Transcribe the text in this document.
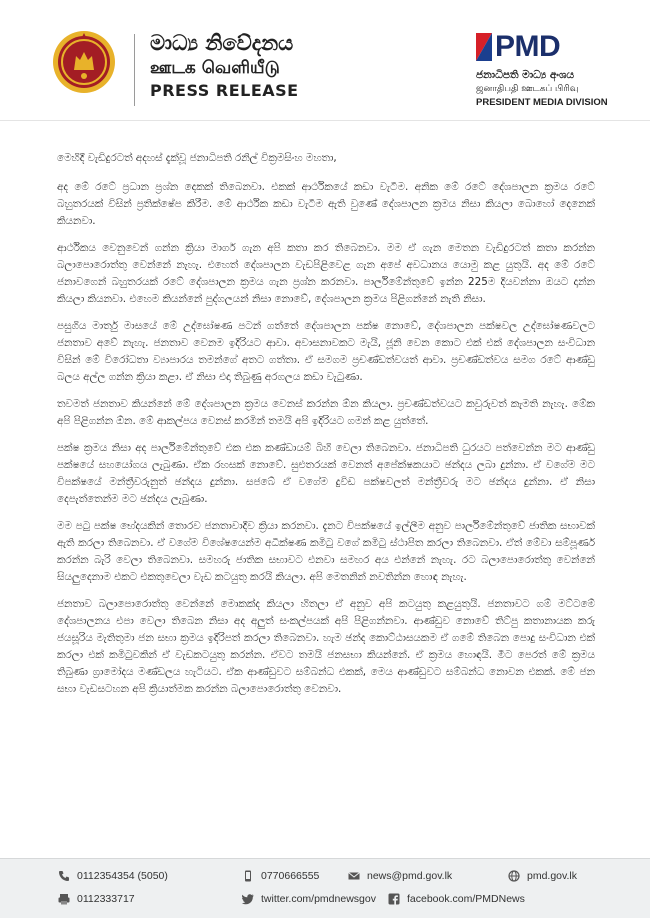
මාධ්‍ය නිවේදනය
ஊடக வெளியீடு
PRESS RELEASE
PMD
ජනාධිපති මාධ්‍ය අංශය
ஜனாதிபதி ஊடகப் பிரிவு
PRESIDENT MEDIA DIVISION

මෙහිදී වැඩිදුරටත් අදහස් දැක්වූ ජනාධිපති රනිල් වික්‍රමසිංහ මහතා,

අද මේ රටේ ප්‍රධාන ප්‍රශ්න දෙකක් තිබෙනවා. එකක් ආර්ථිකයේ කඩා වැටීම. අනික මේ රටේ දේශපාලන ක්‍රමය රටේ බහුතරයක් විසින් ප්‍රතික්ෂේප කිරීම. මේ ආර්ථික කඩා වැටීම ඇති වුණේ දේශපාලන ක්‍රමය නිසා කියලා බොහෝ දෙනෙක් කියනවා.

ආර්ථිකය වෙනුවෙන් ගන්න ක්‍රියා මාර්ග ගැන අපි කතා කර තිබෙනවා. මම ඒ ගැන මෙතන වැඩිදුරටත් කතා කරන්න බලාපොරොත්තු වෙන්නේ නැහැ. එහෙත් දේශපාලන වැඩපිළිවෙළ ගැන අපේ අවධානය යොමු කළ යුතුයි. අද මේ රටේ ජනාවගෙන් බහුතරයක් රටේ දේශපාලන ක්‍රමය ගැන ප්‍රශ්න කරනවා. පාර්ලිමේන්තුවේ ඉන්න 225ම දියවන්නා ඔයට දාන්න කියලා කියනවා. එහෙම කියන්නේ පුද්ගලයන් නිසා නොවේ, දේශපාලන ක්‍රමය පිළිගන්නේ නැති නිසා.

පසුගිය මාර්තු මාසයේ මේ උද්ඝෝෂණ පටන් ගත්තේ දේශපාලන පක්ෂ නොවේ, දේශපාලන පක්ෂවල උද්ඝෝෂණවලට ජනතාව අවේ නැහැ. ජනතාව වෙනම ඉදිරියට ආවා. අවාසනාවකට මැයි, ජූනි වෙන කොට එක් එක් දේශපාලන සංවිධාන විසින් මේ විරෝධතා ව්‍යාපාරය තමන්ගේ අතට ගත්තා. ඒ සමගම ප්‍රචණ්ඩත්වයත් ආවා. ප්‍රචණ්ඩත්වය සමග රටේ ආණ්ඩු බලය අල්ල ගන්න ක්‍රියා කළා. ඒ නිසා එදා තිබුණු අරගලය කඩා වැටුණා.

තවමත් ජනතාව කියන්නේ මේ දේශපාලන ක්‍රමය වෙනස් කරන්න ඕන කියලා. ප්‍රචණ්ඩත්වයට කවුරුවත් කැමති නැහැ. මේක අපි පිළිගන්න ඕන. මේ ආකල්පය වෙනස් කරමින් තමයි අපි ඉදිරියට ගමන් කළ යුත්තේ.

පක්ෂ ක්‍රමය නිසා අද පාර්ලිමේන්තුවේ එක එක කණ්ඩායම් බිහි වෙලා තිබෙනවා. ජනාධිපති ධුරයට පත්වෙන්න මට ආණ්ඩු පක්ෂයේ සහයෝගය ලැබුණා. ඒක රහසක් නොවේ. සුළුතරයක් වෙනත් අපේක්ෂකයාට ඡන්දය ලබා දුන්නා. ඒ වගේම මට විපක්ෂයේ මන්ත්‍රීවරුනුත් ඡන්දය දුන්නා. සජබේ ඒ වගේම දුවිඩ පක්ෂවලත් මන්ත්‍රීවරු මට ඡන්දය දුන්නා. ඒ නිසා දෙපැත්තෙන්ම මට ඡන්දය ලැබුණා.

මම පටු පක්ෂ භේදයකින් තොරව ජනතාවාදීව ක්‍රියා කරනවා. දැනට විපක්ෂයේ ඉල්ලීම අනුව පාර්ලිමේන්තුවේ ජාතික සභාවක් ඇති කරලා තිබෙනවා. ඒ වගේම විශේෂයෙන්ම අධීක්ෂණ කමිටු වගේ කමිටු ස්ථාපිත කරලා තිබෙනවා. ඒත් මේවා සම්පූර්ණ කරන්න බැරි වෙලා තිබෙනවා. සමහරු ජාතික සභාවට එනවා සමහර අය එන්නේ නැහැ. රට බලාපොරොත්තු වෙන්නේ සියලුදෙනාම එකට එකතුවෙලා වැඩ කටයුතු කරයි කියලා. අපි මෙතනින් නවතින්න හොඳ නැහැ.

ජනතාව බලාපොරොත්තු වෙන්නේ මොකක්ද කියලා හිතලා ඒ අනුව අපි කටයුතු කළයුතුයි. ජනතාවට ගම් මට්ටමේ දේශපාලනය එපා වෙලා තිබෙන නිසා අද අලුත් සංකල්පයක් අපි පිළිගන්නවා. ආණ්ඩුව නොවේ තිට්පු කතානායක කරු ජයසූරිය මැතිතුමා ජන සභා ක්‍රමය ඉදිරිපත් කරලා තිබෙනවා. හැම ඡන්ද කොට්ඨාසයකම ඒ ගමේ තිබෙන පොදු සංවිධාන එක් කරලා එක් කමිටුවකින් ඒ වැඩකටයුතු කරන්න. ඒවට තමයි ජනසභා කියන්නේ. ඒ ක්‍රමය හොඳයි. මීට පෙරත් මේ ක්‍රමය තිබුණා ග්‍රාමෝදය මණ්ඩලය හැටියට. ඒක ආණ්ඩුවට සම්බන්ධ එකක්, මෙය ආණ්ඩුවට සම්බන්ධ නොවන එකක්. මේ ජන සභා වැඩසටහන අපි ක්‍රියාත්මක කරන්න බලාපොරොත්තු වෙනවා.

0112354354 (5050)	0770666555	news@pmd.gov.lk	pmd.gov.lk
0112333717	twitter.com/pmdnewsgov	facebook.com/PMDNews
